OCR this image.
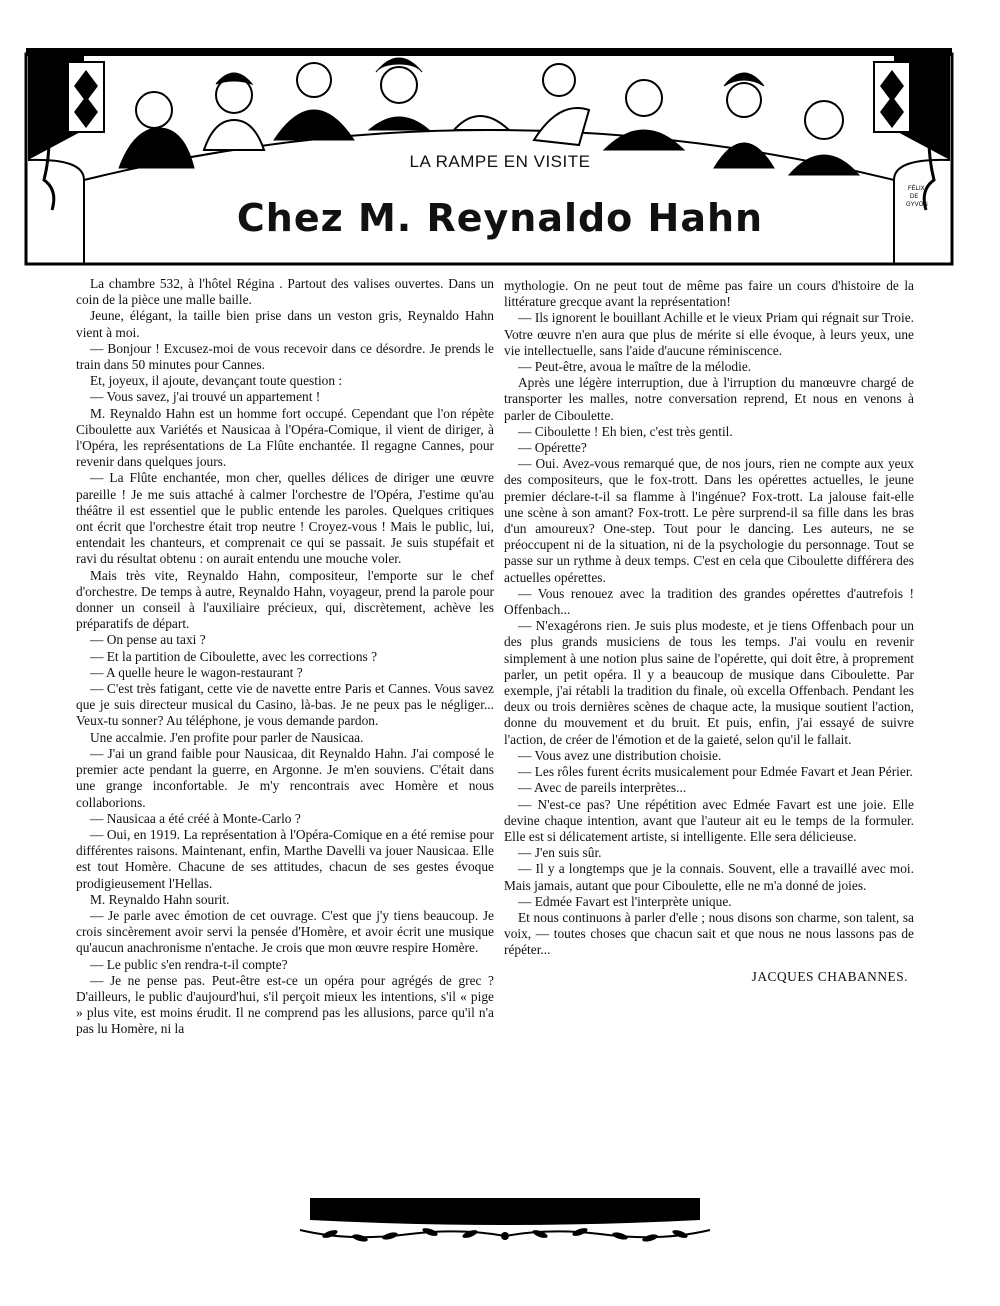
FÉLIX
DE
GYVON
LA RAMPE EN VISITE
Chez M. Reynaldo Hahn

La chambre 532, à l'hôtel Régina . Partout des valises ouvertes. Dans un coin de la pièce une malle baille.

Jeune, élégant, la taille bien prise dans un veston gris, Reynaldo Hahn vient à moi.

— Bonjour ! Excusez-moi de vous recevoir dans ce désordre. Je prends le train dans 50 minutes pour Cannes.

Et, joyeux, il ajoute, devançant toute question :

— Vous savez, j'ai trouvé un appartement !

M. Reynaldo Hahn est un homme fort occupé. Cependant que l'on répète Ciboulette aux Variétés et Nausicaa à l'Opéra-Comique, il vient de diriger, à l'Opéra, les représentations de La Flûte enchantée. Il regagne Cannes, pour revenir dans quelques jours.

— La Flûte enchantée, mon cher, quelles délices de diriger une œuvre pareille ! Je me suis attaché à calmer l'orchestre de l'Opéra, J'estime qu'au théâtre il est essentiel que le public entende les paroles. Quelques critiques ont écrit que l'orchestre était trop neutre ! Croyez-vous ! Mais le public, lui, entendait les chanteurs, et comprenait ce qui se passait. Je suis stupéfait et ravi du résultat obtenu : on aurait entendu une mouche voler.

Mais très vite, Reynaldo Hahn, compositeur, l'emporte sur le chef d'orchestre. De temps à autre, Reynaldo Hahn, voyageur, prend la parole pour donner un conseil à l'auxiliaire précieux, qui, discrètement, achève les préparatifs de départ.

— On pense au taxi ?

— Et la partition de Ciboulette, avec les corrections ?

— A quelle heure le wagon-restaurant ?

— C'est très fatigant, cette vie de navette entre Paris et Cannes. Vous savez que je suis directeur musical du Casino, là-bas. Je ne peux pas le négliger... Veux-tu sonner? Au téléphone, je vous demande pardon.

Une accalmie. J'en profite pour parler de Nausicaa.

— J'ai un grand faible pour Nausicaa, dit Reynaldo Hahn. J'ai composé le premier acte pendant la guerre, en Argonne. Je m'en souviens. C'était dans une grange inconfortable. Je m'y rencontrais avec Homère et nous collaborions.

— Nausicaa a été créé à Monte-Carlo ?

— Oui, en 1919. La représentation à l'Opéra-Comique en a été remise pour différentes raisons. Maintenant, enfin, Marthe Davelli va jouer Nausicaa. Elle est tout Homère. Chacune de ses attitudes, chacun de ses gestes évoque prodigieusement l'Hellas.

M. Reynaldo Hahn sourit.

— Je parle avec émotion de cet ouvrage. C'est que j'y tiens beaucoup. Je crois sincèrement avoir servi la pensée d'Homère, et avoir écrit une musique qu'aucun anachronisme n'entache. Je crois que mon œuvre respire Homère.

— Le public s'en rendra-t-il compte?

— Je ne pense pas. Peut-être est-ce un opéra pour agrégés de grec ? D'ailleurs, le public d'aujourd'hui, s'il perçoit mieux les intentions, s'il « pige » plus vite, est moins érudit. Il ne comprend pas les allusions, parce qu'il n'a pas lu Homère, ni la

mythologie. On ne peut tout de même pas faire un cours d'histoire de la littérature grecque avant la représentation!

— Ils ignorent le bouillant Achille et le vieux Priam qui régnait sur Troie. Votre œuvre n'en aura que plus de mérite si elle évoque, à leurs yeux, une vie intellectuelle, sans l'aide d'aucune réminiscence.

— Peut-être, avoua le maître de la mélodie.

Après une légère interruption, due à l'irruption du manœuvre chargé de transporter les malles, notre conversation reprend, Et nous en venons à parler de Ciboulette.

— Ciboulette ! Eh bien, c'est très gentil.

— Opérette?

— Oui. Avez-vous remarqué que, de nos jours, rien ne compte aux yeux des compositeurs, que le fox-trott. Dans les opérettes actuelles, le jeune premier déclare-t-il sa flamme à l'ingénue? Fox-trott. La jalouse fait-elle une scène à son amant? Fox-trott. Le père surprend-il sa fille dans les bras d'un amoureux? One-step. Tout pour le dancing. Les auteurs, ne se préoccupent ni de la situation, ni de la psychologie du personnage. Tout se passe sur un rythme à deux temps. C'est en cela que Ciboulette différera des actuelles opérettes.

— Vous renouez avec la tradition des grandes opérettes d'autrefois ! Offenbach...

— N'exagérons rien. Je suis plus modeste, et je tiens Offenbach pour un des plus grands musiciens de tous les temps. J'ai voulu en revenir simplement à une notion plus saine de l'opérette, qui doit être, à proprement parler, un petit opéra. Il y a beaucoup de musique dans Ciboulette. Par exemple, j'ai rétabli la tradition du finale, où excella Offenbach. Pendant les deux ou trois dernières scènes de chaque acte, la musique soutient l'action, donne du mouvement et du bruit. Et puis, enfin, j'ai essayé de suivre l'action, de créer de l'émotion et de la gaieté, selon qu'il le fallait.

— Vous avez une distribution choisie.

— Les rôles furent écrits musicalement pour Edmée Favart et Jean Périer.

— Avec de pareils interprètes...

— N'est-ce pas? Une répétition avec Edmée Favart est une joie. Elle devine chaque intention, avant que l'auteur ait eu le temps de la formuler. Elle est si délicatement artiste, si intelligente. Elle sera délicieuse.

— J'en suis sûr.

— Il y a longtemps que je la connais. Souvent, elle a travaillé avec moi. Mais jamais, autant que pour Ciboulette, elle ne m'a donné de joies.

— Edmée Favart est l'interprète unique.

Et nous continuons à parler d'elle ; nous disons son charme, son talent, sa voix, — toutes choses que chacun sait et que nous ne nous lassons pas de répéter...

JACQUES CHABANNES.
